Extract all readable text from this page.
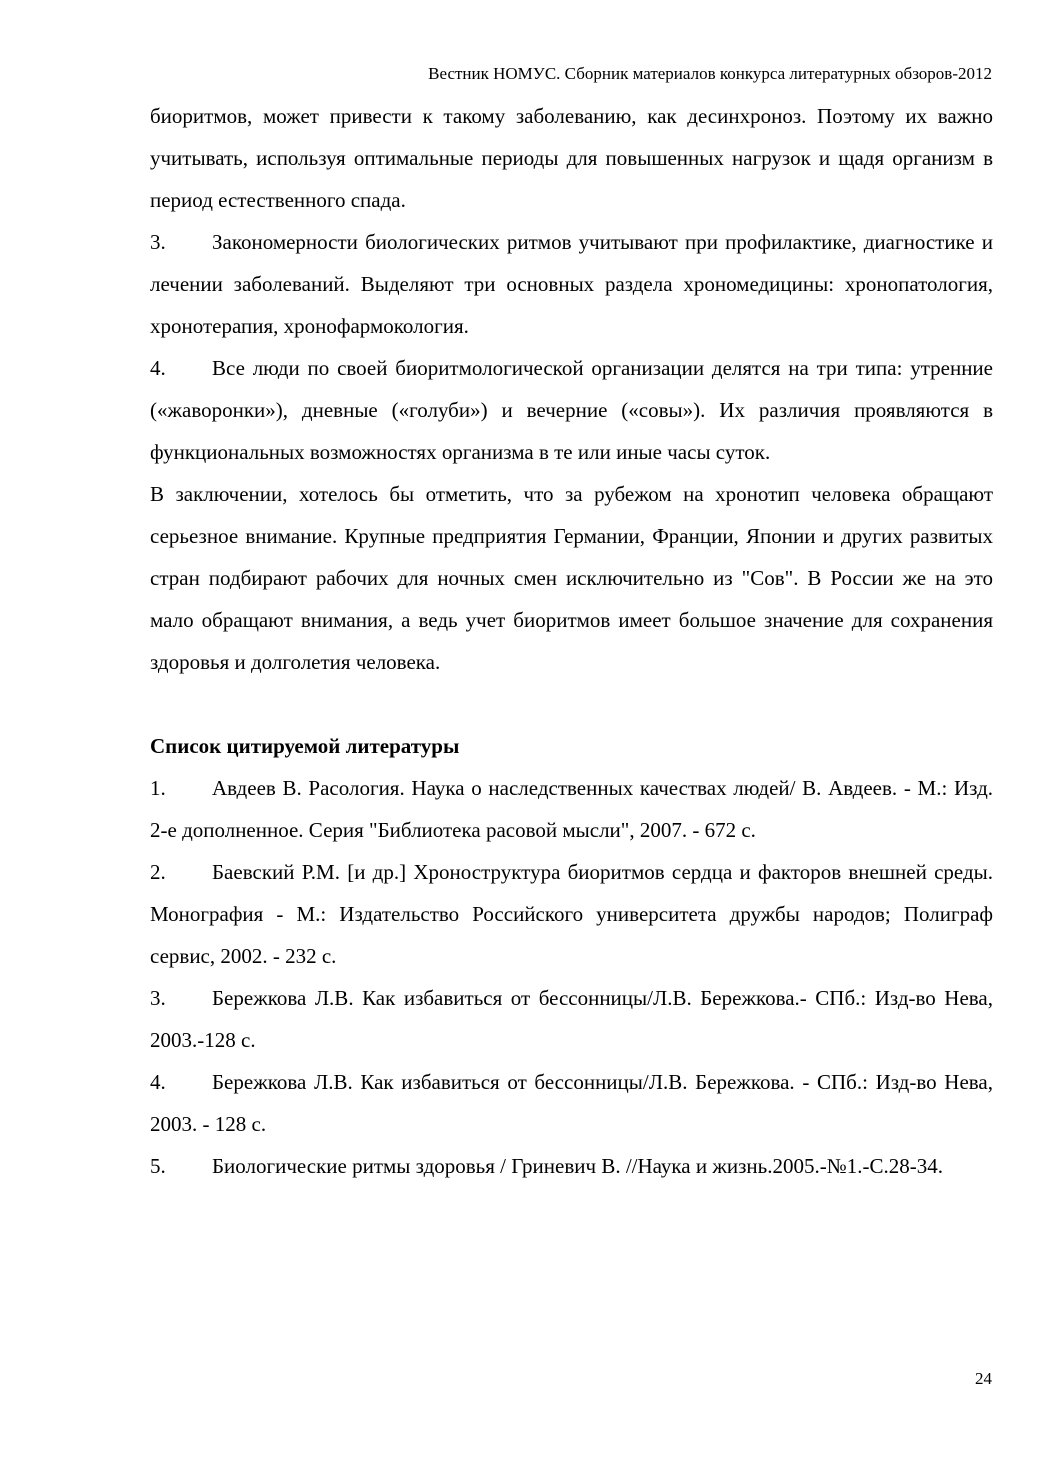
Вестник НОМУС. Сборник материалов конкурса литературных обзоров-2012

биоритмов, может привести к такому заболеванию, как десинхроноз. Поэтому их важно учитывать, используя оптимальные периоды для повышенных нагрузок и щадя организм в период естественного спада.

3. Закономерности биологических ритмов учитывают при профилактике, диагностике и лечении заболеваний. Выделяют три основных раздела хрономедицины: хронопатология, хронотерапия, хронофармокология.

4. Все люди по своей биоритмологической организации делятся на три типа: утренние («жаворонки»), дневные («голуби») и вечерние («совы»). Их различия проявляются в функциональных возможностях организма в те или иные часы суток.

В заключении, хотелось бы отметить, что за рубежом на хронотип человека обращают серьезное внимание. Крупные предприятия Германии, Франции, Японии и других развитых стран подбирают рабочих для ночных смен исключительно из "Сов". В России же на это мало обращают внимания, а ведь учет биоритмов имеет большое значение для сохранения здоровья и долголетия человека.

Список цитируемой литературы

1. Авдеев В. Расология. Наука о наследственных качествах людей/ В. Авдеев. - М.: Изд. 2-е дополненное. Серия "Библиотека расовой мысли", 2007. - 672 с.

2. Баевский Р.М. [и др.] Хроноструктура биоритмов сердца и факторов внешней среды. Монография - М.: Издательство Российского университета дружбы народов; Полиграф сервис, 2002. - 232 с.

3. Бережкова Л.В. Как избавиться от бессонницы/Л.В. Бережкова.- СПб.: Изд-во Нева, 2003.-128 с.

4. Бережкова Л.В. Как избавиться от бессонницы/Л.В. Бережкова. - СПб.: Изд-во Нева, 2003. - 128 с.

5. Биологические ритмы здоровья / Гриневич В. //Наука и жизнь.2005.-№1.-С.28-34.

24
